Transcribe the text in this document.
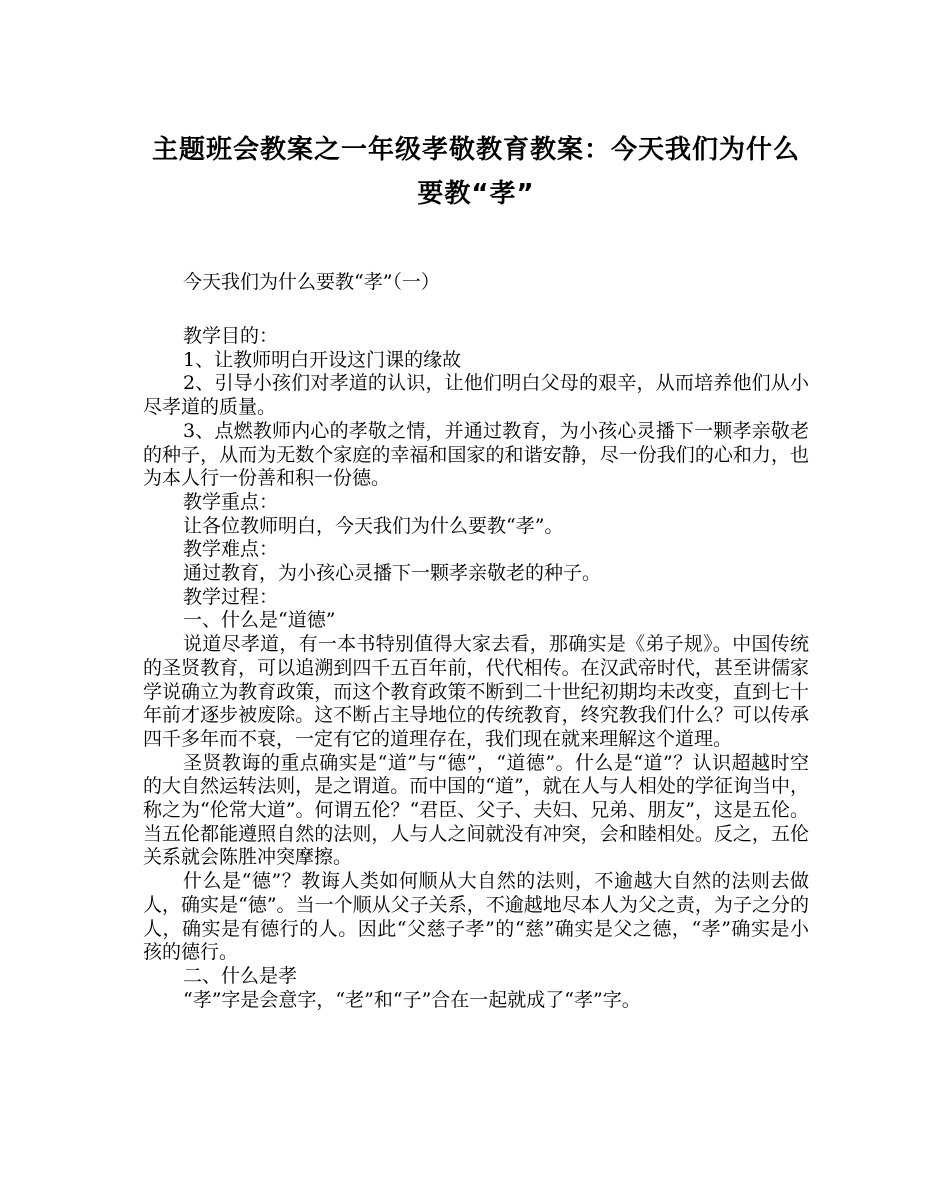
主题班会教案之一年级孝敬教育教案：今天我们为什么
要教“孝”

今天我们为什么要教“孝”（一）

教学目的：

1、让教师明白开设这门课的缘故

2、引导小孩们对孝道的认识，让他们明白父母的艰辛，从而培养他们从小尽孝道的质量。

3、点燃教师内心的孝敬之情，并通过教育，为小孩心灵播下一颗孝亲敬老的种子，从而为无数个家庭的幸福和国家的和谐安静，尽一份我们的心和力，也为本人行一份善和积一份德。

教学重点：

让各位教师明白，今天我们为什么要教“孝”。

教学难点：

通过教育，为小孩心灵播下一颗孝亲敬老的种子。

教学过程：

一、什么是“道德”

说道尽孝道，有一本书特别值得大家去看，那确实是《弟子规》。中国传统的圣贤教育，可以追溯到四千五百年前，代代相传。在汉武帝时代，甚至讲儒家学说确立为教育政策，而这个教育政策不断到二十世纪初期均未改变，直到七十年前才逐步被废除。这不断占主导地位的传统教育，终究教我们什么？可以传承四千多年而不衰，一定有它的道理存在，我们现在就来理解这个道理。

圣贤教诲的重点确实是“道”与“德”，“道德”。什么是“道”？认识超越时空的大自然运转法则，是之谓道。而中国的“道”，就在人与人相处的学征询当中，称之为“伦常大道”。何谓五伦？“君臣、父子、夫妇、兄弟、朋友”，这是五伦。当五伦都能遵照自然的法则，人与人之间就没有冲突，会和睦相处。反之，五伦关系就会陈胜冲突摩擦。

什么是“德”？教诲人类如何顺从大自然的法则，不逾越大自然的法则去做人，确实是“德”。当一个顺从父子关系，不逾越地尽本人为父之责，为子之分的人，确实是有德行的人。因此“父慈子孝”的“慈”确实是父之德，“孝”确实是小孩的德行。

二、什么是孝

“孝”字是会意字，“老”和“子”合在一起就成了“孝”字。
